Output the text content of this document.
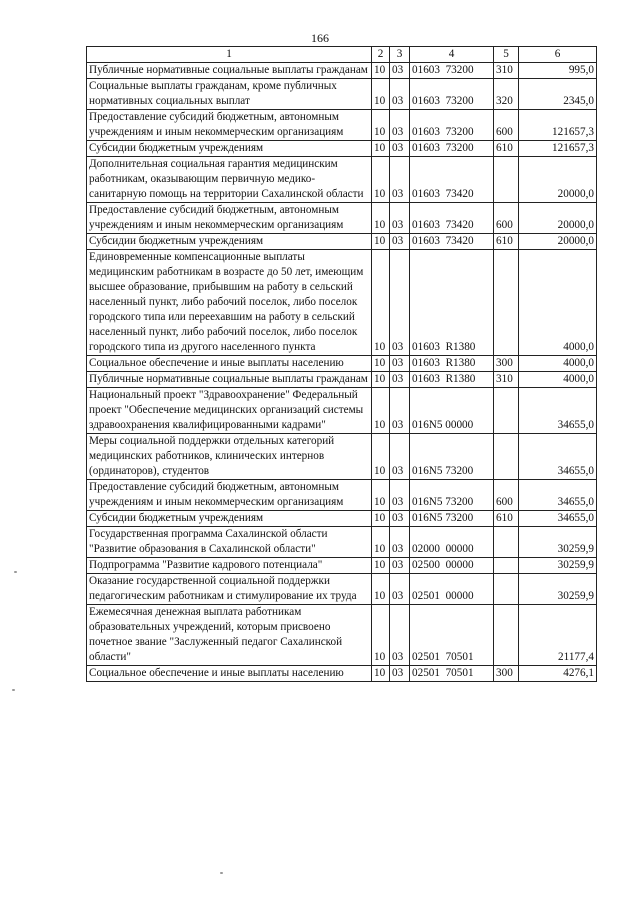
166
1	2	3	4	5	6
Публичные нормативные социальные выплаты гражданам	10	03	01603  73200	310	995,0
Социальные выплаты гражданам, кроме публичных нормативных социальных выплат	10	03	01603  73200	320	2345,0
Предоставление субсидий бюджетным, автономным учреждениям и иным некоммерческим организациям	10	03	01603  73200	600	121657,3
Субсидии бюджетным учреждениям	10	03	01603  73200	610	121657,3
Дополнительная социальная гарантия медицинским работникам, оказывающим первичную медико-санитарную помощь на территории Сахалинской области	10	03	01603  73420		20000,0
Предоставление субсидий бюджетным, автономным учреждениям и иным некоммерческим организациям	10	03	01603  73420	600	20000,0
Субсидии бюджетным учреждениям	10	03	01603  73420	610	20000,0
Единовременные компенсационные выплаты медицинским работникам в возрасте до 50 лет, имеющим высшее образование, прибывшим на работу в сельский населенный пункт, либо рабочий поселок, либо поселок городского типа или переехавшим на работу в сельский населенный пункт, либо рабочий поселок, либо поселок городского типа из другого населенного пункта	10	03	01603  R1380		4000,0
Социальное обеспечение и иные выплаты населению	10	03	01603  R1380	300	4000,0
Публичные нормативные социальные выплаты гражданам	10	03	01603  R1380	310	4000,0
Национальный проект "Здравоохранение" Федеральный проект "Обеспечение медицинских организаций системы здравоохранения квалифицированными кадрами"	10	03	016N5 00000		34655,0
Меры социальной поддержки отдельных категорий медицинских работников, клинических интернов (ординаторов), студентов	10	03	016N5 73200		34655,0
Предоставление субсидий бюджетным, автономным учреждениям и иным некоммерческим организациям	10	03	016N5 73200	600	34655,0
Субсидии бюджетным учреждениям	10	03	016N5 73200	610	34655,0
Государственная программа Сахалинской области "Развитие образования в Сахалинской области"	10	03	02000  00000		30259,9
Подпрограмма "Развитие кадрового потенциала"	10	03	02500  00000		30259,9
Оказание государственной социальной поддержки педагогическим работникам и стимулирование их труда	10	03	02501  00000		30259,9
Ежемесячная денежная выплата работникам образовательных учреждений, которым присвоено почетное звание "Заслуженный педагог Сахалинской области"	10	03	02501  70501		21177,4
Социальное обеспечение и иные выплаты населению	10	03	02501  70501	300	4276,1
